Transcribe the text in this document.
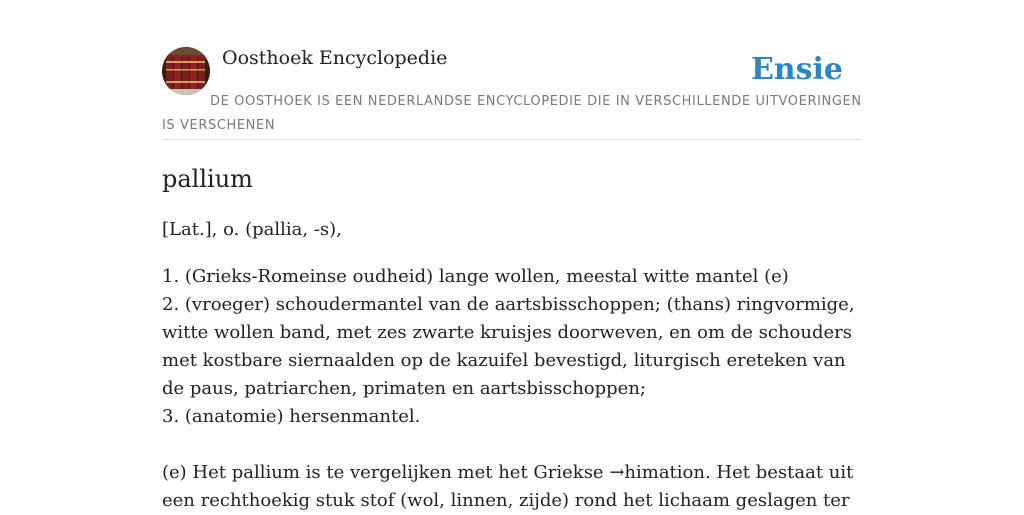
Oosthoek Encyclopedie	Ensie
DE OOSTHOEK IS EEN NEDERLANDSE ENCYCLOPEDIE DIE IN VERSCHILLENDE UITVOERINGEN IS VERSCHENEN
pallium
[Lat.], o. (pallia, -s),
1. (Grieks-Romeinse oudheid) lange wollen, meestal witte mantel (e)
2. (vroeger) schoudermantel van de aartsbisschoppen; (thans) ringvormige, witte wollen band, met zes zwarte kruisjes doorweven, en om de schouders met kostbare siernaalden op de kazuifel bevestigd, liturgisch ereteken van de paus, patriarchen, primaten en aartsbisschoppen;
3. (anatomie) hersenmantel.
(e) Het pallium is te vergelijken met het Griekse →himation. Het bestaat uit een rechthoekig stuk stof (wol, linnen, zijde) rond het lichaam geslagen ter
